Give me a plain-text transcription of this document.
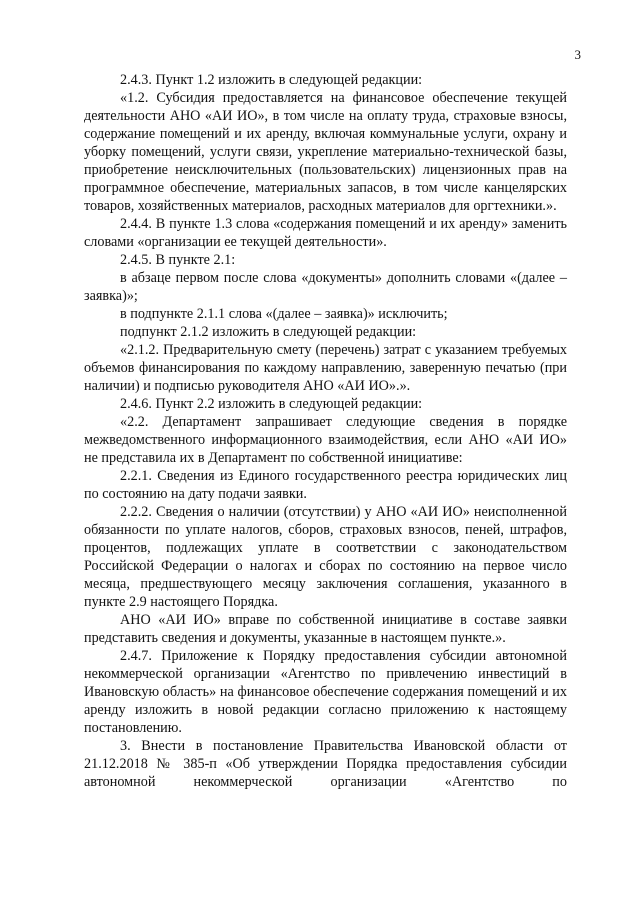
3

2.4.3. Пункт 1.2 изложить в следующей редакции:

«1.2. Субсидия предоставляется на финансовое обеспечение текущей деятельности АНО «АИ ИО», в том числе на оплату труда, страховые взносы, содержание помещений и их аренду, включая коммунальные услуги, охрану и уборку помещений, услуги связи, укрепление материально-технической базы, приобретение неисключительных (пользовательских) лицензионных прав на программное обеспечение, материальных запасов, в том числе канцелярских товаров, хозяйственных материалов, расходных материалов для оргтехники.».

2.4.4. В пункте 1.3 слова «содержания помещений и их аренду» заменить словами «организации ее текущей деятельности».

2.4.5. В пункте 2.1:

в абзаце первом после слова «документы» дополнить словами «(далее – заявка)»;

в подпункте 2.1.1 слова «(далее – заявка)» исключить;

подпункт 2.1.2 изложить в следующей редакции:

«2.1.2. Предварительную смету (перечень) затрат с указанием требуемых объемов финансирования по каждому направлению, заверенную печатью (при наличии) и подписью руководителя АНО «АИ ИО».».

2.4.6. Пункт 2.2 изложить в следующей редакции:

«2.2. Департамент запрашивает следующие сведения в порядке межведомственного информационного взаимодействия, если АНО «АИ ИО» не представила их в Департамент по собственной инициативе:

2.2.1. Сведения из Единого государственного реестра юридических лиц по состоянию на дату подачи заявки.

2.2.2. Сведения о наличии (отсутствии) у АНО «АИ ИО» неисполненной обязанности по уплате налогов, сборов, страховых взносов, пеней, штрафов, процентов, подлежащих уплате в соответствии с законодательством Российской Федерации о налогах и сборах по состоянию на первое число месяца, предшествующего месяцу заключения соглашения, указанного в пункте 2.9 настоящего Порядка.

АНО «АИ ИО» вправе по собственной инициативе в составе заявки представить сведения и документы, указанные в настоящем пункте.».

2.4.7. Приложение к Порядку предоставления субсидии автономной некоммерческой организации «Агентство по привлечению инвестиций в Ивановскую область» на финансовое обеспечение содержания помещений и их аренду изложить в новой редакции согласно приложению к настоящему постановлению.

3. Внести в постановление Правительства Ивановской области от 21.12.2018 № 385-п «Об утверждении Порядка предоставления субсидии автономной некоммерческой организации «Агентство по
